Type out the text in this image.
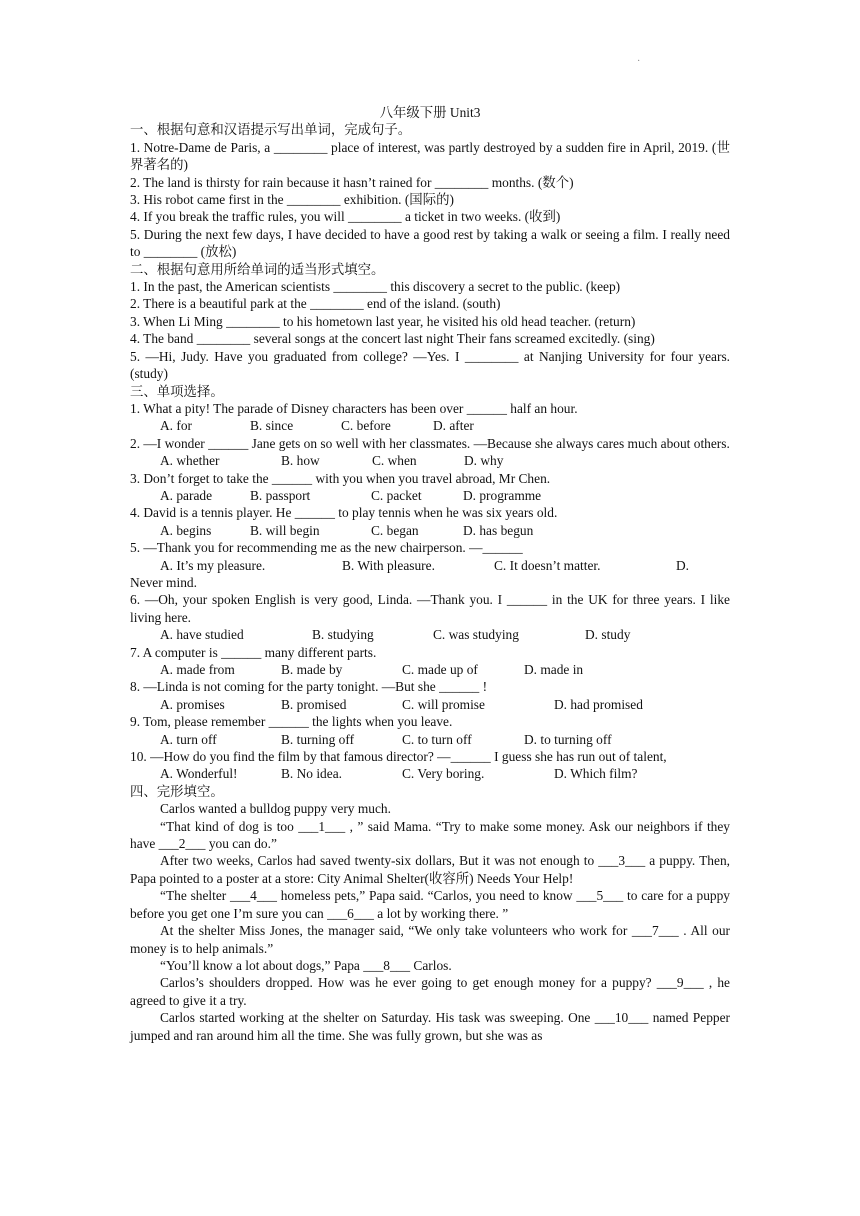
·
八年级下册 Unit3
一、根据句意和汉语提示写出单词，完成句子。
1. Notre-Dame de Paris, a ________ place of interest, was partly destroyed by a sudden fire in April, 2019. (世界著名的)
2. The land is thirsty for rain because it hasn’t rained for ________ months. (数个)
3. His robot came first in the ________ exhibition. (国际的)
4. If you break the traffic rules, you will ________ a ticket in two weeks. (收到)
5. During the next few days, I have decided to have a good rest by taking a walk or seeing a film. I really need to ________ (放松)
二、根据句意用所给单词的适当形式填空。
1. In the past, the American scientists ________ this discovery a secret to the public. (keep)
2. There is a beautiful park at the ________ end of the island. (south)
3. When Li Ming ________ to his hometown last year, he visited his old head teacher. (return)
4. The band ________ several songs at the concert last night Their fans screamed excitedly. (sing)
5. —Hi, Judy. Have you graduated from college? —Yes. I ________ at Nanjing University for four years. (study)
三、单项选择。
1. What a pity! The parade of Disney characters has been over ______ half an hour.
A. for	B. since	C. before	D. after
2. —I wonder ______ Jane gets on so well with her classmates. —Because she always cares much about others.
A. whether	B. how	C. when	D. why
3. Don’t forget to take the ______ with you when you travel abroad, Mr Chen.
A. parade	B. passport	C. packet	D. programme
4. David is a tennis player. He ______ to play tennis when he was six years old.
A. begins	B. will begin	C. began	D. has begun
5. —Thank you for recommending me as the new chairperson. —______
A. It’s my pleasure.	B. With pleasure.	C. It doesn’t matter.	D.
Never mind.
6. —Oh, your spoken English is very good, Linda. —Thank you. I ______ in the UK for three years. I like living here.
A. have studied	B. studying	C. was studying	D. study
7. A computer is ______ many different parts.
A. made from	B. made by	C. made up of	D. made in
8. —Linda is not coming for the party tonight. —But she ______ !
A. promises	B. promised	C. will promise	D. had promised
9. Tom, please remember ______ the lights when you leave.
A. turn off	B. turning off	C. to turn off	D. to turning off
10. —How do you find the film by that famous director? —______ I guess she has run out of talent,
A. Wonderful!	B. No idea.	C. Very boring.	D. Which film?
四、完形填空。
Carlos wanted a bulldog puppy very much.
“That kind of dog is too ___1___ , ” said Mama. “Try to make some money. Ask our neighbors if they have ___2___ you can do.”
After two weeks, Carlos had saved twenty-six dollars, But it was not enough to ___3___ a puppy. Then, Papa pointed to a poster at a store: City Animal Shelter(收容所) Needs Your Help!
“The shelter ___4___ homeless pets,” Papa said. “Carlos, you need to know ___5___ to care for a puppy before you get one I’m sure you can ___6___ a lot by working there. ”
At the shelter Miss Jones, the manager said, “We only take volunteers who work for ___7___ . All our money is to help animals.”
“You’ll know a lot about dogs,” Papa ___8___ Carlos.
Carlos’s shoulders dropped. How was he ever going to get enough money for a puppy? ___9___ , he agreed to give it a try.
Carlos started working at the shelter on Saturday. His task was sweeping. One ___10___ named Pepper jumped and ran around him all the time. She was fully grown, but she was as
